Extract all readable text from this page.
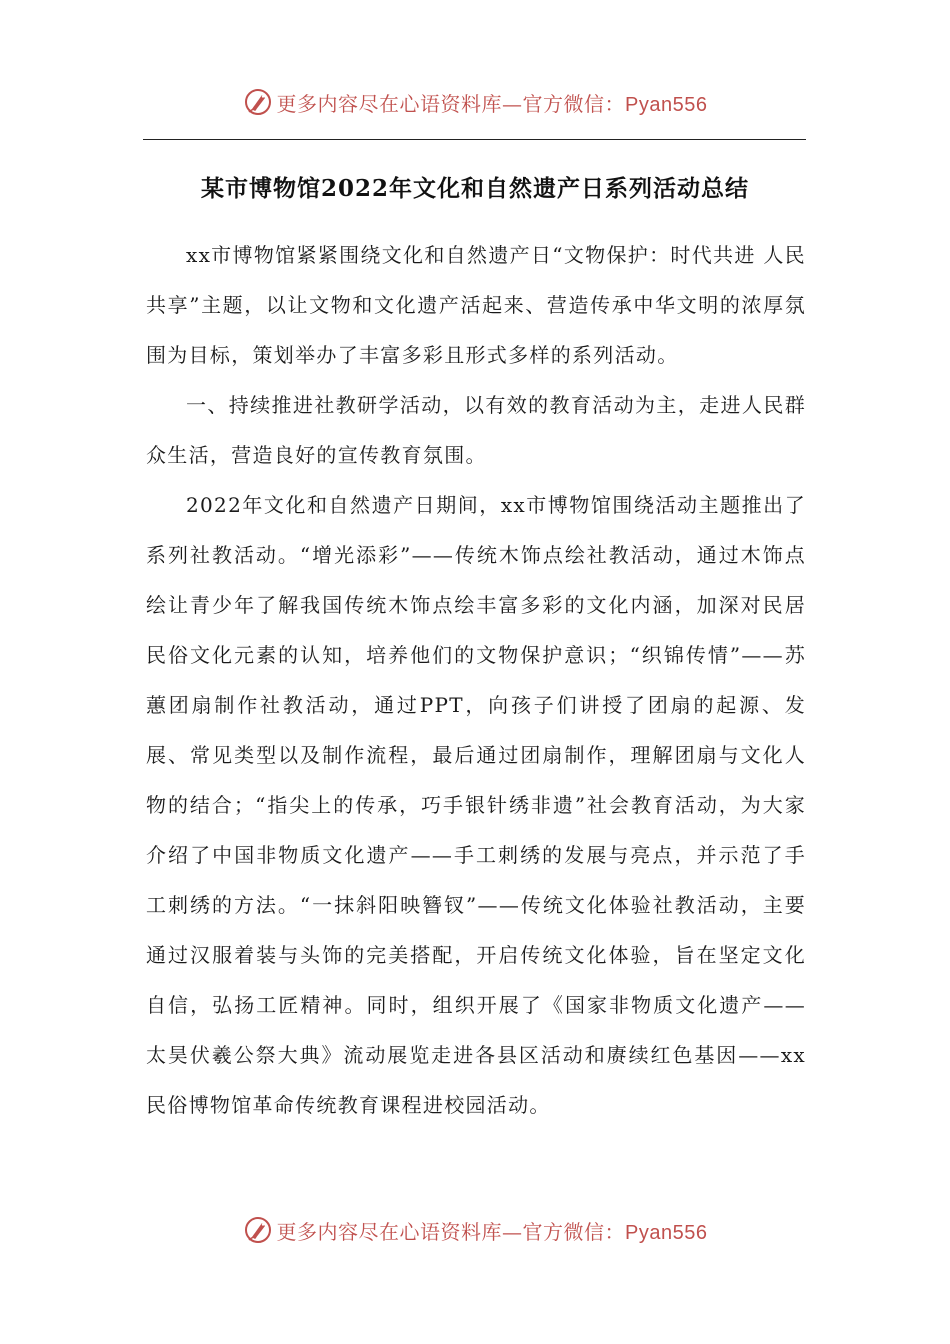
更多内容尽在心语资料库—官方微信：Pyan556
某市博物馆2022年文化和自然遗产日系列活动总结

xx市博物馆紧紧围绕文化和自然遗产日“文物保护：时代共进 人民共享”主题，以让文物和文化遗产活起来、营造传承中华文明的浓厚氛围为目标，策划举办了丰富多彩且形式多样的系列活动。

一、持续推进社教研学活动，以有效的教育活动为主，走进人民群众生活，营造良好的宣传教育氛围。

2022年文化和自然遗产日期间，xx市博物馆围绕活动主题推出了系列社教活动。“增光添彩”——传统木饰点绘社教活动，通过木饰点绘让青少年了解我国传统木饰点绘丰富多彩的文化内涵，加深对民居民俗文化元素的认知，培养他们的文物保护意识；“织锦传情”——苏蕙团扇制作社教活动，通过PPT，向孩子们讲授了团扇的起源、发展、常见类型以及制作流程，最后通过团扇制作，理解团扇与文化人物的结合；“指尖上的传承，巧手银针绣非遗”社会教育活动，为大家介绍了中国非物质文化遗产——手工刺绣的发展与亮点，并示范了手工刺绣的方法。“一抹斜阳映簪钗”——传统文化体验社教活动，主要通过汉服着装与头饰的完美搭配，开启传统文化体验，旨在坚定文化自信，弘扬工匠精神。同时，组织开展了《国家非物质文化遗产——太昊伏羲公祭大典》流动展览走进各县区活动和赓续红色基因——xx民俗博物馆革命传统教育课程进校园活动。

更多内容尽在心语资料库—官方微信：Pyan556
